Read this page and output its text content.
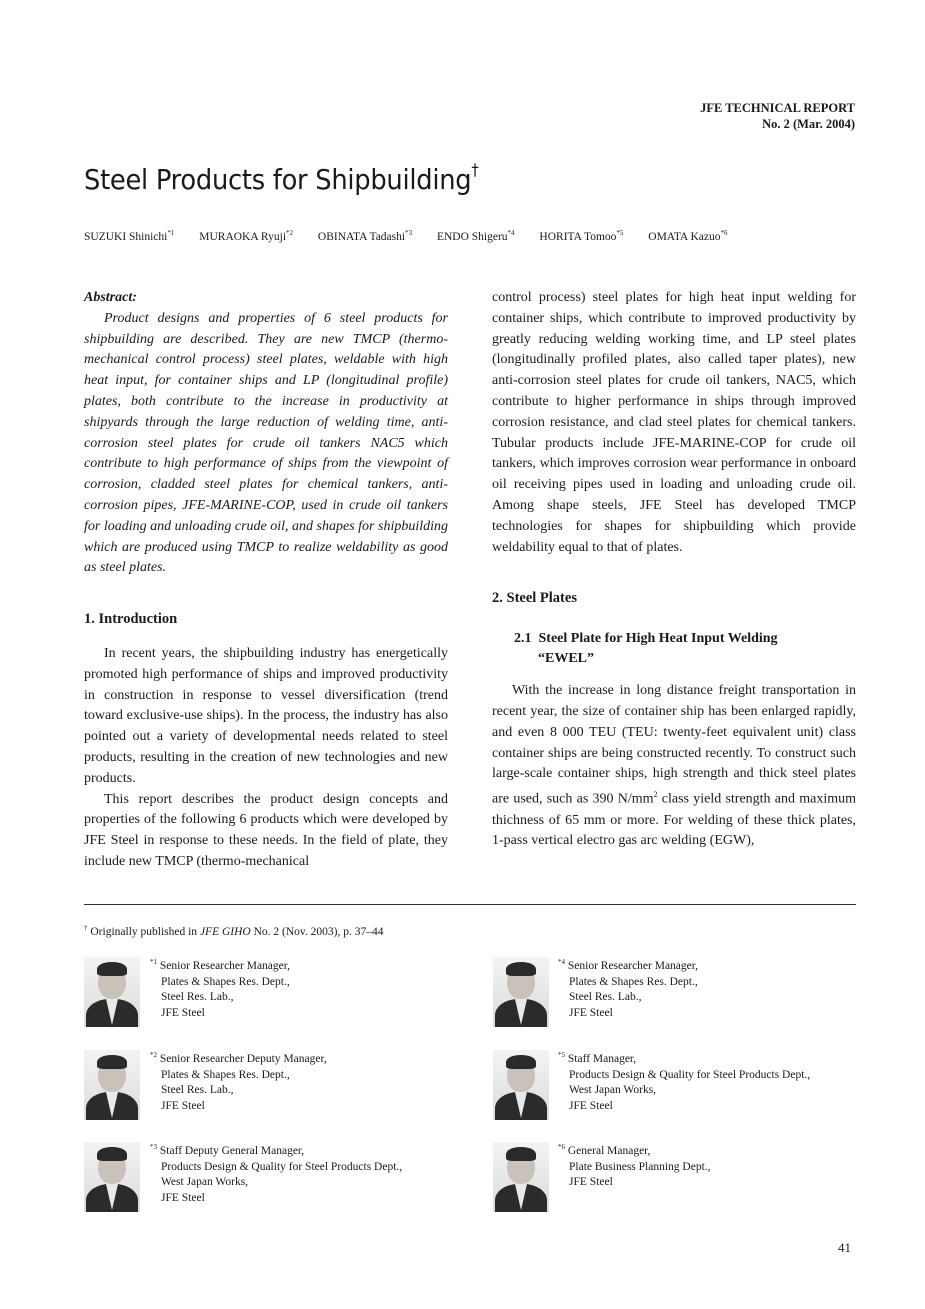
JFE TECHNICAL REPORT
No. 2 (Mar. 2004)
Steel Products for Shipbuilding†
SUZUKI Shinichi$^{*1}$ MURAOKA Ryuji$^{*2}$ OBINATA Tadashi$^{*3}$ ENDO Shigeru$^{*4}$ HORITA Tomoo$^{*5}$ OMATA Kazuo$^{*6}$
Abstract:

Product designs and properties of 6 steel products for shipbuilding are described. They are new TMCP (thermo-mechanical control process) steel plates, weldable with high heat input, for container ships and LP (longitudinal profile) plates, both contribute to the increase in productivity at shipyards through the large reduction of welding time, anti-corrosion steel plates for crude oil tankers NAC5 which contribute to high performance of ships from the viewpoint of corrosion, cladded steel plates for chemical tankers, anti-corrosion pipes, JFE-MARINE-COP, used in crude oil tankers for loading and unloading crude oil, and shapes for shipbuilding which are produced using TMCP to realize weldability as good as steel plates.

1. Introduction

In recent years, the shipbuilding industry has energetically promoted high performance of ships and improved productivity in construction in response to vessel diversification (trend toward exclusive-use ships). In the process, the industry has also pointed out a variety of developmental needs related to steel products, resulting in the creation of new technologies and new products.

This report describes the product design concepts and properties of the following 6 products which were developed by JFE Steel in response to these needs. In the field of plate, they include new TMCP (thermo-mechanical

control process) steel plates for high heat input welding for container ships, which contribute to improved productivity by greatly reducing welding working time, and LP steel plates (longitudinally profiled plates, also called taper plates), new anti-corrosion steel plates for crude oil tankers, NAC5, which contribute to higher performance in ships through improved corrosion resistance, and clad steel plates for chemical tankers. Tubular products include JFE-MARINE-COP for crude oil tankers, which improves corrosion wear performance in onboard oil receiving pipes used in loading and unloading crude oil. Among shape steels, JFE Steel has developed TMCP technologies for shapes for shipbuilding which provide weldability equal to that of plates.

2. Steel Plates
2.1 Steel Plate for High Heat Input Welding
“EWEL”

With the increase in long distance freight transportation in recent year, the size of container ship has been enlarged rapidly, and even 8 000 TEU (TEU: twenty-feet equivalent unit) class container ships are being constructed recently. To construct such large-scale container ships, high strength and thick steel plates are used, such as 390 $N/mm^2$ class yield strength and maximum thichness of 65 mm or more. For welding of these thick plates, 1-pass vertical electro gas arc welding (EGW),

† Originally published in JFE GIHO No. 2 (Nov. 2003), p. 37–44
$^{*1}$ Senior Researcher Manager,
Plates & Shapes Res. Dept.,
Steel Res. Lab.,
JFE Steel
$^{*2}$ Senior Researcher Deputy Manager,
Plates & Shapes Res. Dept.,
Steel Res. Lab.,
JFE Steel
$^{*3}$ Staff Deputy General Manager,
Products Design & Quality for Steel Products Dept.,
West Japan Works,
JFE Steel
$^{*4}$ Senior Researcher Manager,
Plates & Shapes Res. Dept.,
Steel Res. Lab.,
JFE Steel
$^{*5}$ Staff Manager,
Products Design & Quality for Steel Products Dept.,
West Japan Works,
JFE Steel
$^{*6}$ General Manager,
Plate Business Planning Dept.,
JFE Steel
41
